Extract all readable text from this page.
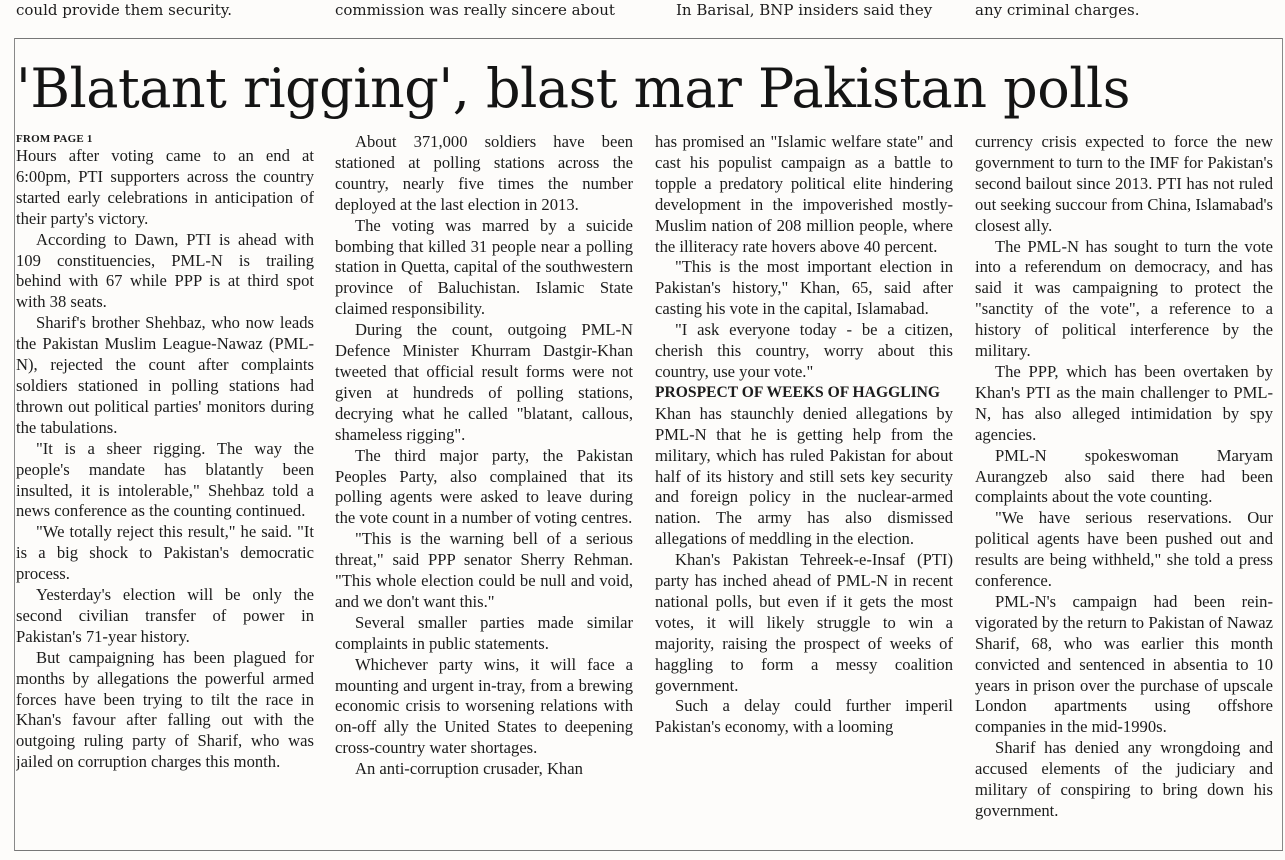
could provide them security.	commission was really sincere about	In Barisal, BNP insiders said they	any criminal charges.
'Blatant rigging', blast mar Pakistan polls
FROM PAGE 1

Hours after voting came to an end at 6:00pm, PTI supporters across the country started early celebrations in anticipation of their party's victory.

According to Dawn, PTI is ahead with 109 constituencies, PML-N is trailing behind with 67 while PPP is at third spot with 38 seats.

Sharif's brother Shehbaz, who now leads the Pakistan Muslim League-Nawaz (PML-N), rejected the count after complaints soldiers stationed in polling stations had thrown out political parties' monitors during the tabulations.

"It is a sheer rigging. The way the people's mandate has blatantly been insulted, it is intolerable," Shehbaz told a news conference as the counting continued.

"We totally reject this result," he said. "It is a big shock to Pakistan's democratic process.

Yesterday's election will be only the second civilian transfer of power in Pakistan's 71-year history.

But campaigning has been plagued for months by allegations the powerful armed forces have been trying to tilt the race in Khan's favour after falling out with the outgoing ruling party of Sharif, who was jailed on corruption charges this month.

About 371,000 soldiers have been stationed at polling stations across the country, nearly five times the number deployed at the last election in 2013.

The voting was marred by a suicide bombing that killed 31 people near a polling station in Quetta, capital of the southwestern province of Baluchistan. Islamic State claimed responsibility.

During the count, outgoing PML-N Defence Minister Khurram Dastgir-Khan tweeted that official result forms were not given at hundreds of polling stations, decrying what he called "blatant, callous, shameless rigging".

The third major party, the Pakistan Peoples Party, also complained that its polling agents were asked to leave during the vote count in a number of voting centres.

"This is the warning bell of a serious threat," said PPP senator Sherry Rehman. "This whole election could be null and void, and we don't want this."

Several smaller parties made similar complaints in public statements.

Whichever party wins, it will face a mounting and urgent in-tray, from a brewing economic crisis to worsening relations with on-off ally the United States to deepening cross-country water shortages.

An anti-corruption crusader, Khan

has promised an "Islamic welfare state" and cast his populist campaign as a battle to topple a predatory political elite hindering development in the impoverished mostly-Muslim nation of 208 million people, where the illiteracy rate hovers above 40 percent.

"This is the most important election in Pakistan's history," Khan, 65, said after casting his vote in the capital, Islamabad.

"I ask everyone today - be a citizen, cherish this country, worry about this country, use your vote."

PROSPECT OF WEEKS OF HAGGLING

Khan has staunchly denied allegations by PML-N that he is getting help from the military, which has ruled Pakistan for about half of its history and still sets key security and foreign policy in the nuclear-armed nation. The army has also dismissed allegations of meddling in the election.

Khan's Pakistan Tehreek-e-Insaf (PTI) party has inched ahead of PML-N in recent national polls, but even if it gets the most votes, it will likely struggle to win a majority, raising the prospect of weeks of haggling to form a messy coalition government.

Such a delay could further imperil Pakistan's economy, with a looming

currency crisis expected to force the new government to turn to the IMF for Pakistan's second bailout since 2013. PTI has not ruled out seeking succour from China, Islamabad's closest ally.

The PML-N has sought to turn the vote into a referendum on democracy, and has said it was campaigning to protect the "sanctity of the vote", a reference to a history of political interference by the military.

The PPP, which has been overtaken by Khan's PTI as the main challenger to PML-N, has also alleged intimidation by spy agencies.

PML-N spokeswoman Maryam Aurangzeb also said there had been complaints about the vote counting.

"We have serious reservations. Our political agents have been pushed out and results are being withheld," she told a press conference.

PML-N's campaign had been reinvigorated by the return to Pakistan of Nawaz Sharif, 68, who was earlier this month convicted and sentenced in absentia to 10 years in prison over the purchase of upscale London apartments using offshore companies in the mid-1990s.

Sharif has denied any wrongdoing and accused elements of the judiciary and military of conspiring to bring down his government.
